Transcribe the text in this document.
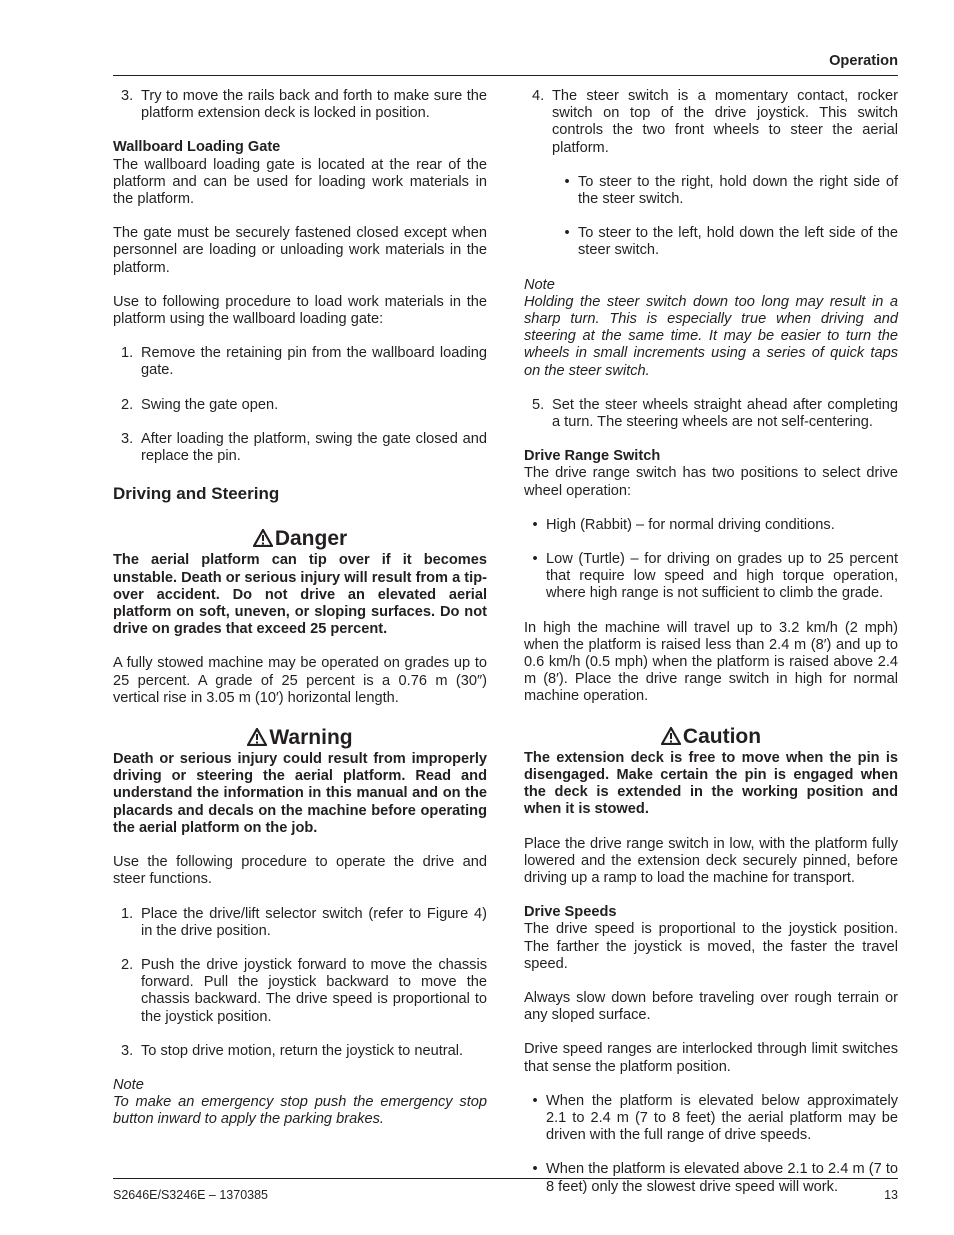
Operation
3. Try to move the rails back and forth to make sure the platform extension deck is locked in position.
Wallboard Loading Gate

The wallboard loading gate is located at the rear of the platform and can be used for loading work materials in the platform.

The gate must be securely fastened closed except when personnel are loading or unloading work materials in the platform.

Use to following procedure to load work materials in the platform using the wallboard loading gate:

1. Remove the retaining pin from the wallboard loading gate.
2. Swing the gate open.
3. After loading the platform, swing the gate closed and replace the pin.
Driving and Steering
Danger
The aerial platform can tip over if it becomes unstable. Death or serious injury will result from a tip-over accident. Do not drive an elevated aerial platform on soft, uneven, or sloping surfaces. Do not drive on grades that exceed 25 percent.

A fully stowed machine may be operated on grades up to 25 percent. A grade of 25 percent is a 0.76 m (30″) vertical rise in 3.05 m (10′) horizontal length.

Warning
Death or serious injury could result from improperly driving or steering the aerial platform. Read and understand the information in this manual and on the placards and decals on the machine before operating the aerial platform on the job.

Use the following procedure to operate the drive and steer functions.

1. Place the drive/lift selector switch (refer to Figure 4) in the drive position.
2. Push the drive joystick forward to move the chassis forward. Pull the joystick backward to move the chassis backward. The drive speed is proportional to the joystick position.
3. To stop drive motion, return the joystick to neutral.
Note
To make an emergency stop push the emergency stop button inward to apply the parking brakes.
4. The steer switch is a momentary contact, rocker switch on top of the drive joystick. This switch controls the two front wheels to steer the aerial platform.
• To steer to the right, hold down the right side of the steer switch.
• To steer to the left, hold down the left side of the steer switch.
Note
Holding the steer switch down too long may result in a sharp turn. This is especially true when driving and steering at the same time. It may be easier to turn the wheels in small increments using a series of quick taps on the steer switch.
5. Set the steer wheels straight ahead after completing a turn. The steering wheels are not self-centering.
Drive Range Switch

The drive range switch has two positions to select drive wheel operation:

• High (Rabbit) – for normal driving conditions.
• Low (Turtle) – for driving on grades up to 25 percent that require low speed and high torque operation, where high range is not sufficient to climb the grade.

In high the machine will travel up to 3.2 km/h (2 mph) when the platform is raised less than 2.4 m (8′) and up to 0.6 km/h (0.5 mph) when the platform is raised above 2.4 m (8′). Place the drive range switch in high for normal machine operation.

Caution
The extension deck is free to move when the pin is disengaged. Make certain the pin is engaged when the deck is extended in the working position and when it is stowed.

Place the drive range switch in low, with the platform fully lowered and the extension deck securely pinned, before driving up a ramp to load the machine for transport.

Drive Speeds

The drive speed is proportional to the joystick position. The farther the joystick is moved, the faster the travel speed.

Always slow down before traveling over rough terrain or any sloped surface.

Drive speed ranges are interlocked through limit switches that sense the platform position.

• When the platform is elevated below approximately 2.1 to 2.4 m (7 to 8 feet) the aerial platform may be driven with the full range of drive speeds.
• When the platform is elevated above 2.1 to 2.4 m (7 to 8 feet) only the slowest drive speed will work.
S2646E/S3246E – 1370385	13
